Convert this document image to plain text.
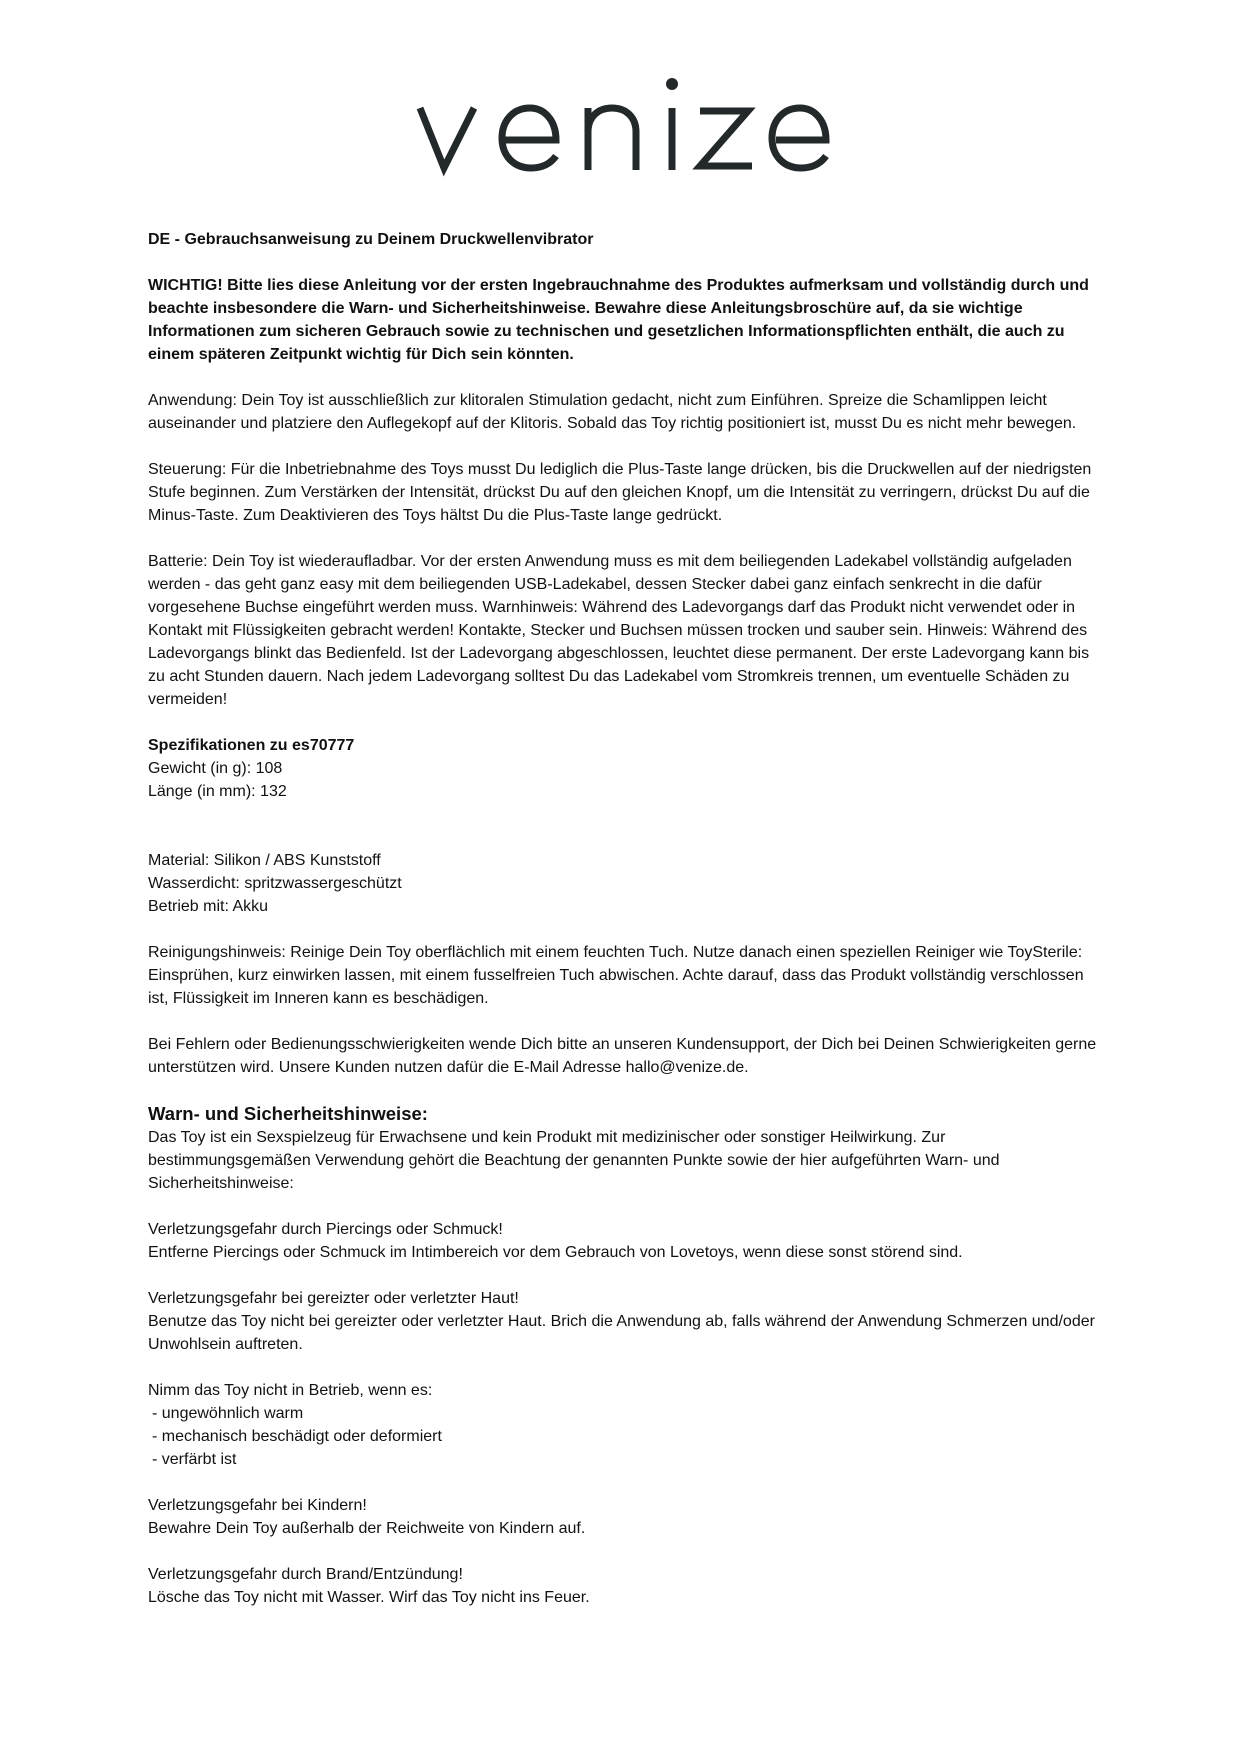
DE - Gebrauchsanweisung zu Deinem Druckwellenvibrator

WICHTIG! Bitte lies diese Anleitung vor der ersten Ingebrauchnahme des Produktes aufmerksam und vollständig durch und beachte insbesondere die Warn- und Sicherheitshinweise. Bewahre diese Anleitungsbroschüre auf, da sie wichtige Informationen zum sicheren Gebrauch sowie zu technischen und gesetzlichen Informationspflichten enthält, die auch zu einem späteren Zeitpunkt wichtig für Dich sein könnten.

Anwendung: Dein Toy ist ausschließlich zur klitoralen Stimulation gedacht, nicht zum Einführen. Spreize die Schamlippen leicht auseinander und platziere den Auflegekopf auf der Klitoris. Sobald das Toy richtig positioniert ist, musst Du es nicht mehr bewegen.

Steuerung: Für die Inbetriebnahme des Toys musst Du lediglich die Plus-Taste lange drücken, bis die Druckwellen auf der niedrigsten Stufe beginnen. Zum Verstärken der Intensität, drückst Du auf den gleichen Knopf, um die Intensität zu verringern, drückst Du auf die Minus-Taste. Zum Deaktivieren des Toys hältst Du die Plus-Taste lange gedrückt.

Batterie: Dein Toy ist wiederaufladbar. Vor der ersten Anwendung muss es mit dem beiliegenden Ladekabel vollständig aufgeladen werden - das geht ganz easy mit dem beiliegenden USB-Ladekabel, dessen Stecker dabei ganz einfach senkrecht in die dafür vorgesehene Buchse eingeführt werden muss. Warnhinweis: Während des Ladevorgangs darf das Produkt nicht verwendet oder in Kontakt mit Flüssigkeiten gebracht werden! Kontakte, Stecker und Buchsen müssen trocken und sauber sein. Hinweis: Während des Ladevorgangs blinkt das Bedienfeld. Ist der Ladevorgang abgeschlossen, leuchtet diese permanent. Der erste Ladevorgang kann bis zu acht Stunden dauern. Nach jedem Ladevorgang solltest Du das Ladekabel vom Stromkreis trennen, um eventuelle Schäden zu vermeiden!

Spezifikationen zu es70777
Gewicht (in g): 108
Länge (in mm): 132
Material: Silikon / ABS Kunststoff
Wasserdicht: spritzwassergeschützt
Betrieb mit: Akku

Reinigungshinweis: Reinige Dein Toy oberflächlich mit einem feuchten Tuch. Nutze danach einen speziellen Reiniger wie ToySterile: Einsprühen, kurz einwirken lassen, mit einem fusselfreien Tuch abwischen. Achte darauf, dass das Produkt vollständig verschlossen ist, Flüssigkeit im Inneren kann es beschädigen.

Bei Fehlern oder Bedienungsschwierigkeiten wende Dich bitte an unseren Kundensupport, der Dich bei Deinen Schwierigkeiten gerne unterstützen wird. Unsere Kunden nutzen dafür die E-Mail Adresse hallo@venize.de.

Warn- und Sicherheitshinweise:

Das Toy ist ein Sexspielzeug für Erwachsene und kein Produkt mit medizinischer oder sonstiger Heilwirkung. Zur bestimmungsgemäßen Verwendung gehört die Beachtung der genannten Punkte sowie der hier aufgeführten Warn- und Sicherheitshinweise:

Verletzungsgefahr durch Piercings oder Schmuck!
Entferne Piercings oder Schmuck im Intimbereich vor dem Gebrauch von Lovetoys, wenn diese sonst störend sind.
Verletzungsgefahr bei gereizter oder verletzter Haut!
Benutze das Toy nicht bei gereizter oder verletzter Haut. Brich die Anwendung ab, falls während der Anwendung Schmerzen und/oder Unwohlsein auftreten.
Nimm das Toy nicht in Betrieb, wenn es:
- ungewöhnlich warm
- mechanisch beschädigt oder deformiert
- verfärbt ist
Verletzungsgefahr bei Kindern!
Bewahre Dein Toy außerhalb der Reichweite von Kindern auf.
Verletzungsgefahr durch Brand/Entzündung!
Lösche das Toy nicht mit Wasser. Wirf das Toy nicht ins Feuer.
